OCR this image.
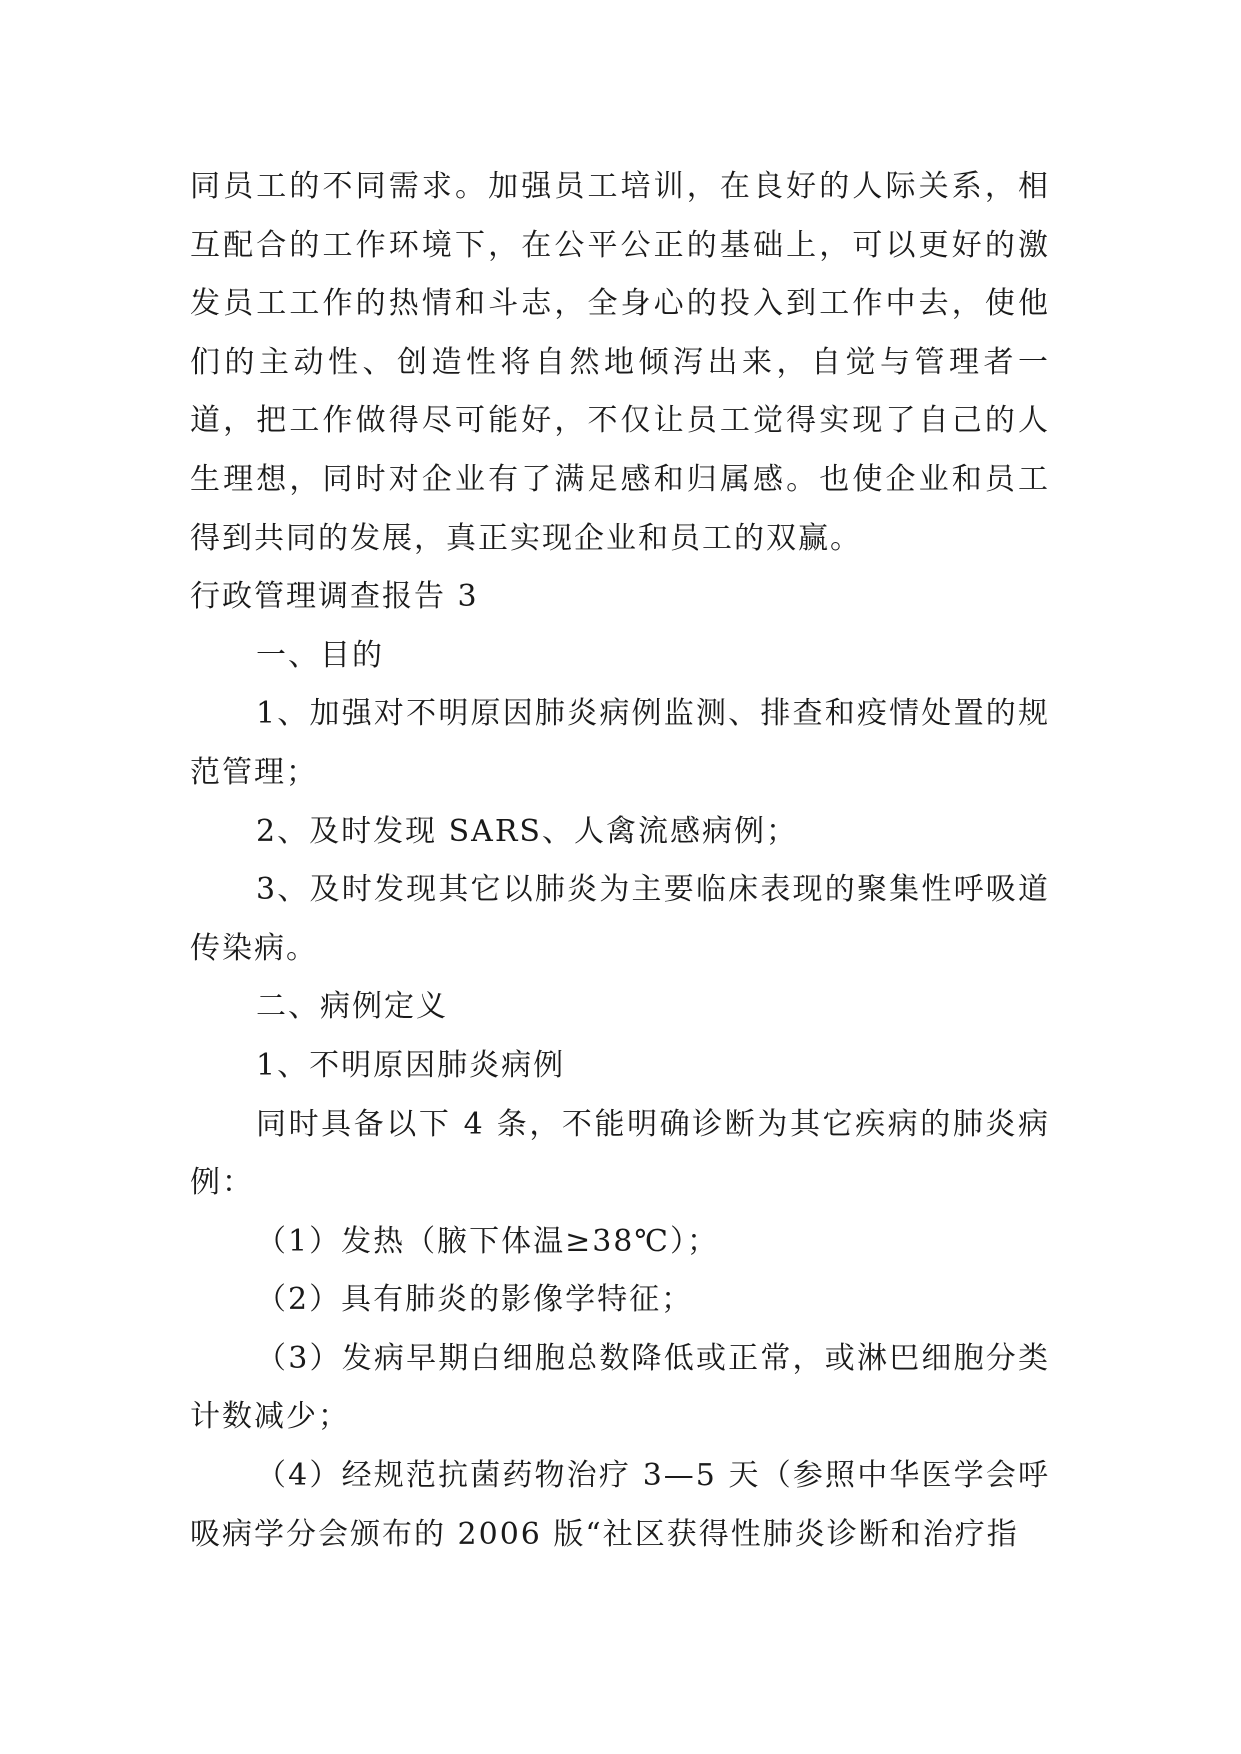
同员工的不同需求。加强员工培训，在良好的人际关系，相互配合的工作环境下，在公平公正的基础上，可以更好的激发员工工作的热情和斗志，全身心的投入到工作中去，使他们的主动性、创造性将自然地倾泻出来，自觉与管理者一道，把工作做得尽可能好，不仅让员工觉得实现了自己的人生理想，同时对企业有了满足感和归属感。也使企业和员工得到共同的发展，真正实现企业和员工的双赢。

行政管理调查报告 3

一、目的

1、加强对不明原因肺炎病例监测、排查和疫情处置的规范管理；

2、及时发现 SARS、人禽流感病例；

3、及时发现其它以肺炎为主要临床表现的聚集性呼吸道传染病。

二、病例定义

1、不明原因肺炎病例

同时具备以下 4 条，不能明确诊断为其它疾病的肺炎病例：

（1）发热（腋下体温≥38℃）；

（2）具有肺炎的影像学特征；

（3）发病早期白细胞总数降低或正常，或淋巴细胞分类计数减少；

（4）经规范抗菌药物治疗 3—5 天（参照中华医学会呼吸病学分会颁布的 2006 版“社区获得性肺炎诊断和治疗指
